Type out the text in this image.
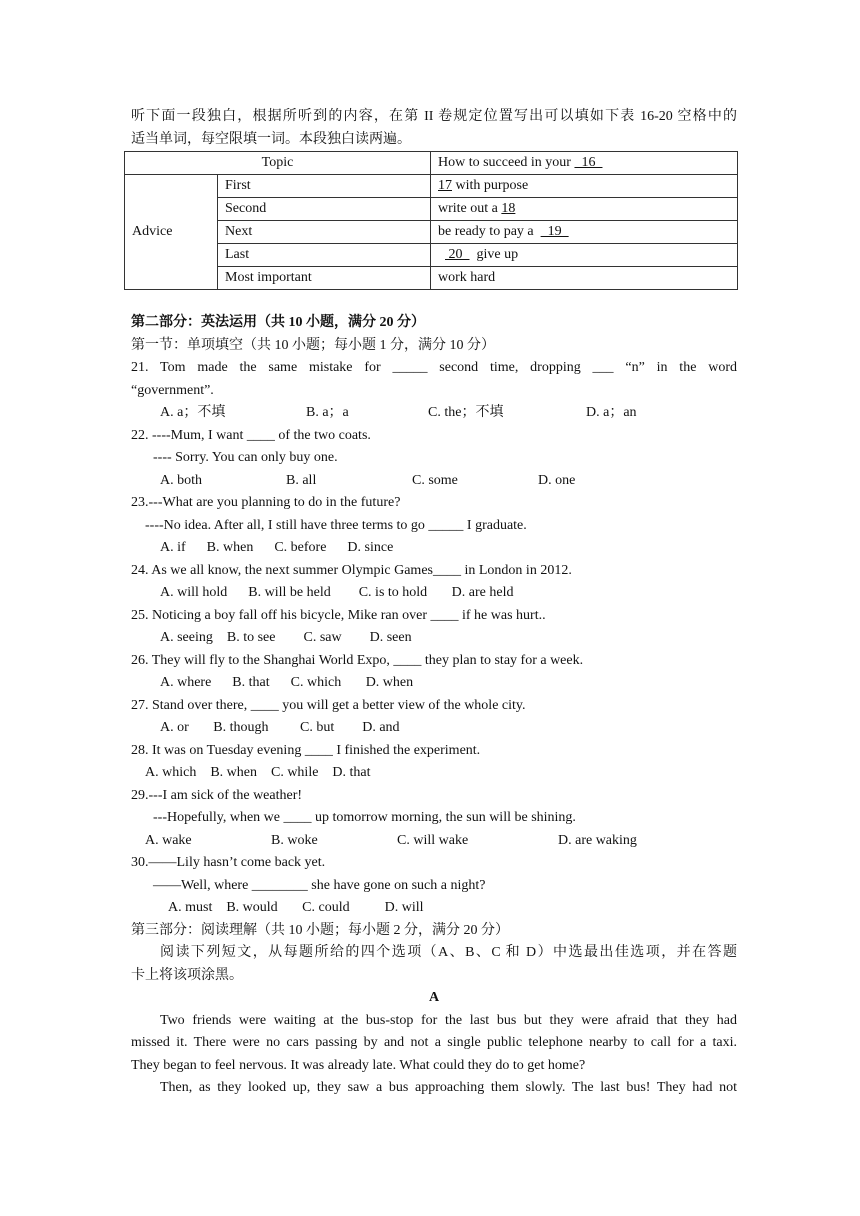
听下面一段独白，根据所听到的内容，在第 II 卷规定位置写出可以填如下表 16-20 空格中的

适当单词，每空限填一词。本段独白读两遍。

Topic		How to succeed in your   16
Advice	First	17 with purpose
	Second	write out a 18
	Next	be ready to pay a    19
	Last	20    give up
	Most important	work hard

第二部分：英法运用（共 10 小题，满分 20 分）

第一节：单项填空（共 10 小题；每小题 1 分，满分 10 分）

21. Tom made the same mistake for _____ second time, dropping ___ “n” in the word

“government”.

A. a；不填	B. a；a	C. the；不填	D. a；an

22. ----Mum, I want ____ of the two coats.

---- Sorry. You can only buy one.

A. both	B. all	C. some	D. one

23.---What are you planning to do in the future?

----No idea. After all, I still have three terms to go _____ I graduate.

A. if      B. when      C. before      D. since

24. As we all know, the next summer Olympic Games____ in London in 2012.

A. will hold      B. will be held        C. is to hold       D. are held

25. Noticing a boy fall off his bicycle, Mike ran over ____ if he was hurt..

A. seeing    B. to see        C. saw        D. seen

26. They will fly to the Shanghai World Expo, ____ they plan to stay for a week.

A. where      B. that      C. which       D. when

27. Stand over there, ____ you will get a better view of the whole city.

A. or       B. though         C. but        D. and

28. It was on Tuesday evening ____ I finished the experiment.

A. which    B. when    C. while    D. that

29.---I am sick of the weather!

---Hopefully, when we ____ up tomorrow morning, the sun will be shining.

A. wake	B. woke	C. will wake	D. are waking

30.——Lily hasn’t come back yet.

——Well, where ________ she have gone on such a night?

A. must    B. would       C. could          D. will

第三部分：阅读理解（共 10 小题；每小题 2 分，满分 20 分）

阅读下列短文，从每题所给的四个选项（A、B、C 和 D）中选最出佳选项，并在答题

卡上将该项涂黑。

A

Two friends were waiting at the bus-stop for the last bus but they were afraid that they had

missed it. There were no cars passing by and not a single public telephone nearby to call for a taxi.

They began to feel nervous. It was already late. What could they do to get home?

Then, as they looked up, they saw a bus approaching them slowly. The last bus! They had not
